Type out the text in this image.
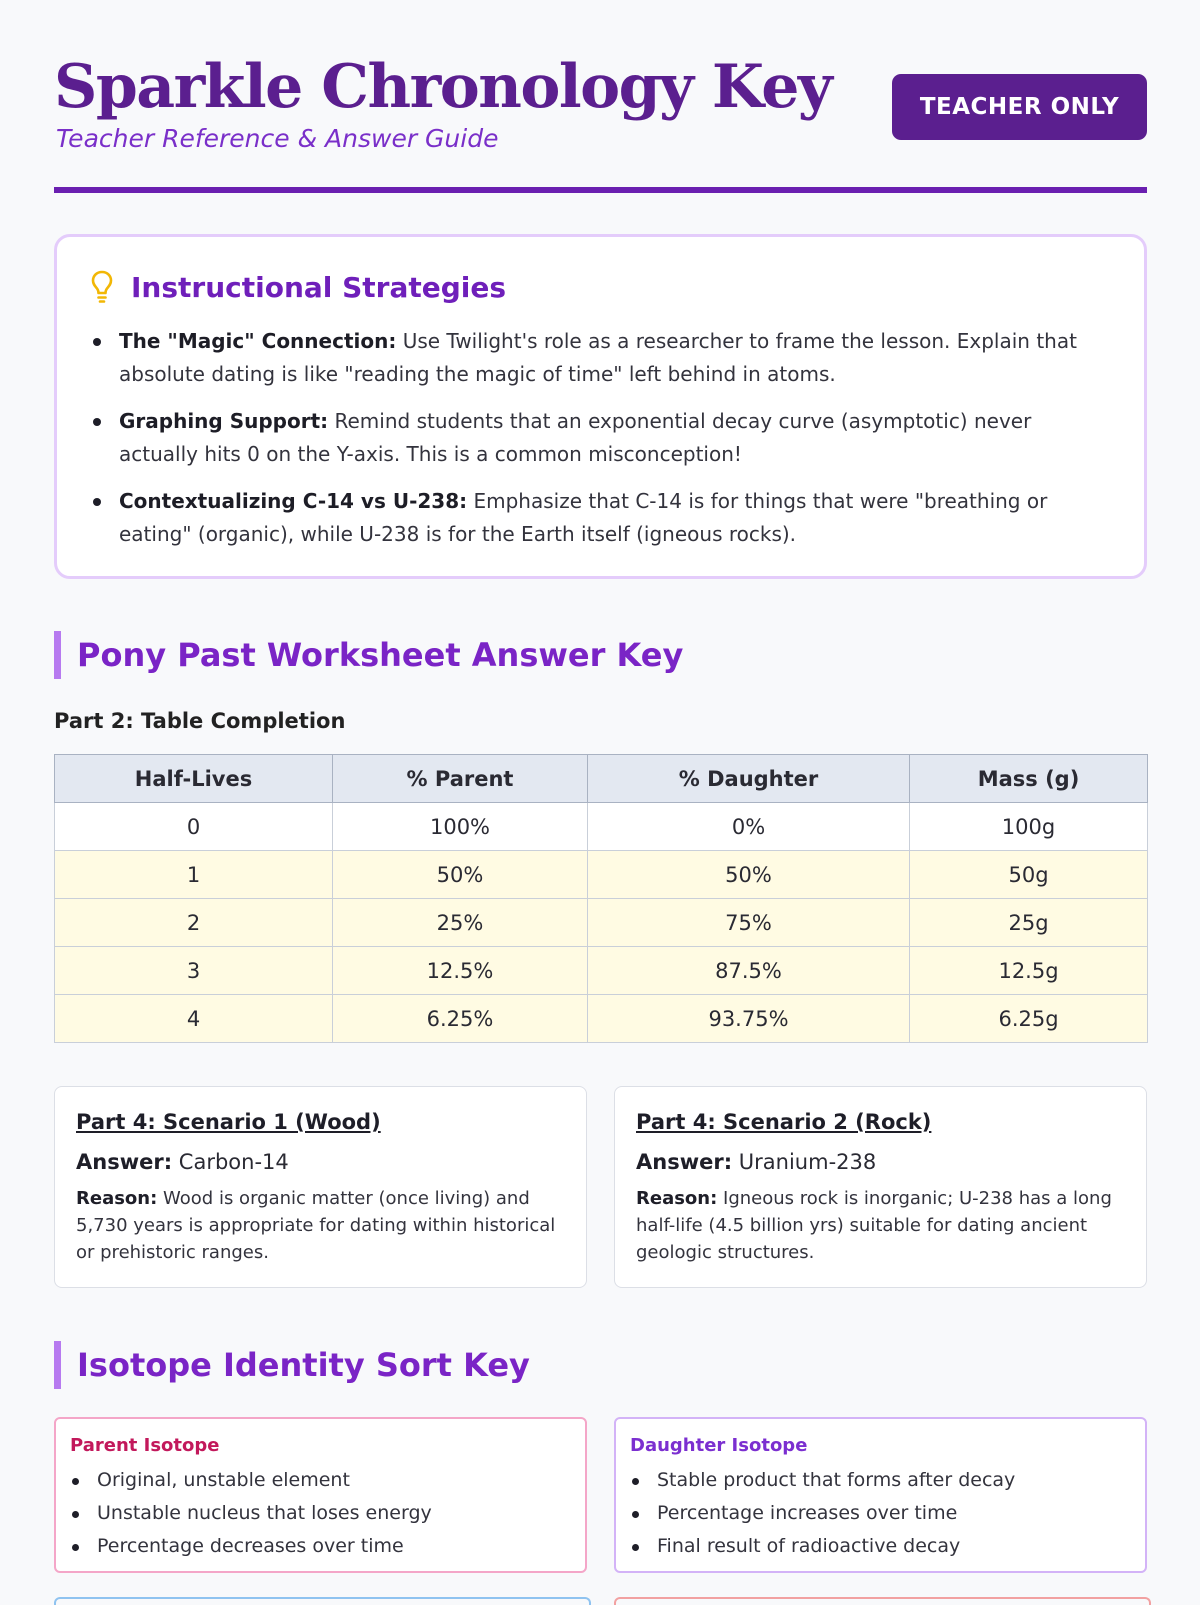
Sparkle Chronology Key
Teacher Reference & Answer Guide
TEACHER ONLY
Instructional Strategies
The "Magic" Connection: Use Twilight's role as a researcher to frame the lesson. Explain that absolute dating is like "reading the magic of time" left behind in atoms.
Graphing Support: Remind students that an exponential decay curve (asymptotic) never actually hits 0 on the Y-axis. This is a common misconception!
Contextualizing C-14 vs U-238: Emphasize that C-14 is for things that were "breathing or eating" (organic), while U-238 is for the Earth itself (igneous rocks).
Pony Past Worksheet Answer Key
Part 2: Table Completion
Half-Lives	% Parent	% Daughter	Mass (g)
0	100%	0%	100g
1	50%	50%	50g
2	25%	75%	25g
3	12.5%	87.5%	12.5g
4	6.25%	93.75%	6.25g
Part 4: Scenario 1 (Wood)
Answer: Carbon-14
Reason: Wood is organic matter (once living) and 5,730 years is appropriate for dating within historical or prehistoric ranges.
Part 4: Scenario 2 (Rock)
Answer: Uranium-238
Reason: Igneous rock is inorganic; U-238 has a long half-life (4.5 billion yrs) suitable for dating ancient geologic structures.
Isotope Identity Sort Key
Parent Isotope
Original, unstable element
Unstable nucleus that loses energy
Percentage decreases over time
Daughter Isotope
Stable product that forms after decay
Percentage increases over time
Final result of radioactive decay
